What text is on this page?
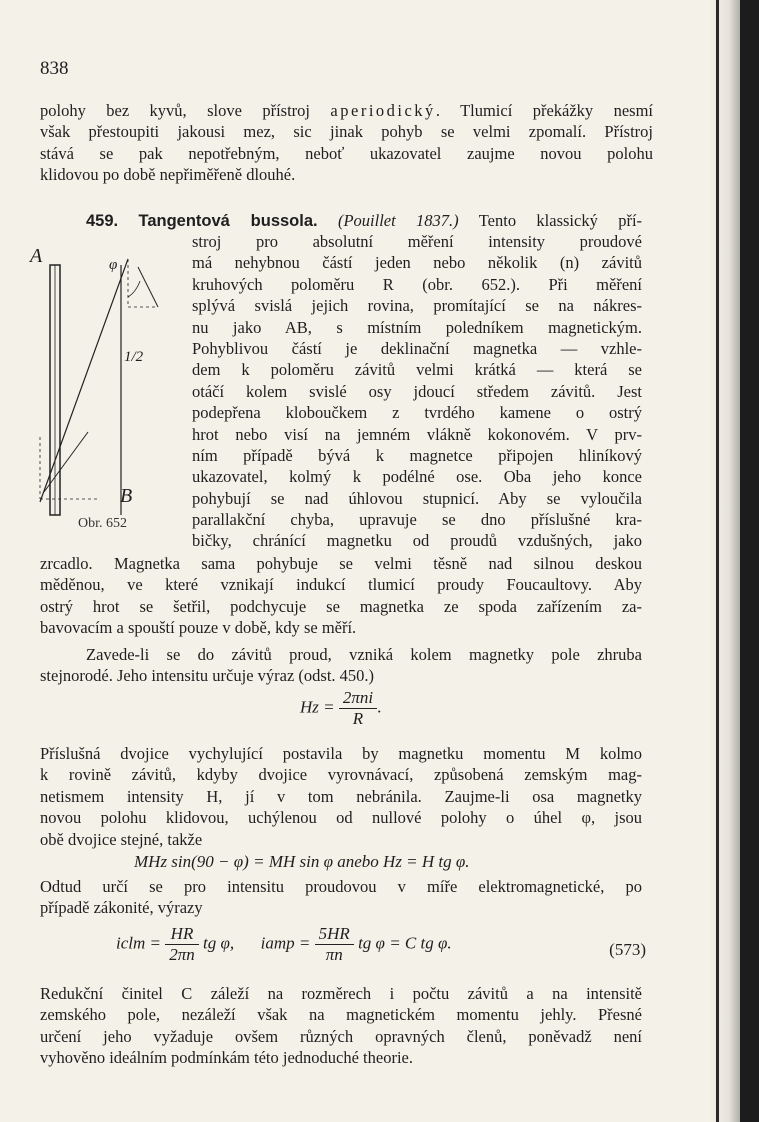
838
polohy bez kyvů, slove přístroj aperiodický. Tlumicí překážky nesmí
však přestoupiti jakousi mez, sic jinak pohyb se velmi zpomalí. Přístroj
stává se pak nepotřebným, neboť ukazovatel zaujme novou polohu
klidovou po době nepřiměřeně dlouhé.
459. Tangentová bussola. (Pouillet 1837.) Tento klassický pří-
stroj pro absolutní měření intensity proudové
má nehybnou částí jeden nebo několik (n) závitů
kruhových poloměru R (obr. 652.). Při měření
splývá svislá jejich rovina, promítající se na nákres-
nu jako AB, s místním poledníkem magnetickým.
Pohyblivou částí je deklinační magnetka — vzhle-
dem k poloměru závitů velmi krátká — která se
otáčí kolem svislé osy jdoucí středem závitů. Jest
podepřena kloboučkem z tvrdého kamene o ostrý
hrot nebo visí na jemném vlákně kokonovém. V prv-
ním případě bývá k magnetce připojen hliníkový
ukazovatel, kolmý k podélné ose. Oba jeho konce
pohybují se nad úhlovou stupnicí. Aby se vyloučila
parallakční chyba, upravuje se dno příslušné kra-
bičky, chránící magnetku od proudů vzdušných, jako
A
B
φ
1/2
Obr. 652
zrcadlo. Magnetka sama pohybuje se velmi těsně nad silnou deskou
měděnou, ve které vznikají indukcí tlumicí proudy Foucaultovy. Aby
ostrý hrot se šetřil, podchycuje se magnetka ze spoda zařízením za-
bavovacím a spouští pouze v době, kdy se měří.
Zavede-li se do závitů proud, vzniká kolem magnetky pole zhruba
stejnorodé. Jeho intensitu určuje výraz (odst. 450.)
$Hz = \frac{\text{2πni}}{R}$ .
Příslušná dvojice vychylující postavila by magnetku momentu M kolmo
k rovině závitů, kdyby dvojice vyrovnávací, způsobená zemským mag-
netismem intensity H, jí v tom nebránila. Zaujme-li osa magnetky
novou polohu klidovou, uchýlenou od nullové polohy o úhel φ, jsou
obě dvojice stejné, takže
MHz sin(90 − φ) = MH sin φ anebo Hz = H tg φ.
Odtud určí se pro intensitu proudovou v míře elektromagnetické, po
případě zákonité, výrazy
iclm = $\frac{HR}{2\pi n}$ tg φ, iamp = $\frac{5HR}{\pi n}$ tg φ = C tg φ.	(573)
Redukční činitel C záleží na rozměrech i počtu závitů a na intensitě
zemského pole, nezáleží však na magnetickém momentu jehly. Přesné
určení jeho vyžaduje ovšem různých opravných členů, poněvadž není
vyhověno ideálním podmínkám této jednoduché theorie.
